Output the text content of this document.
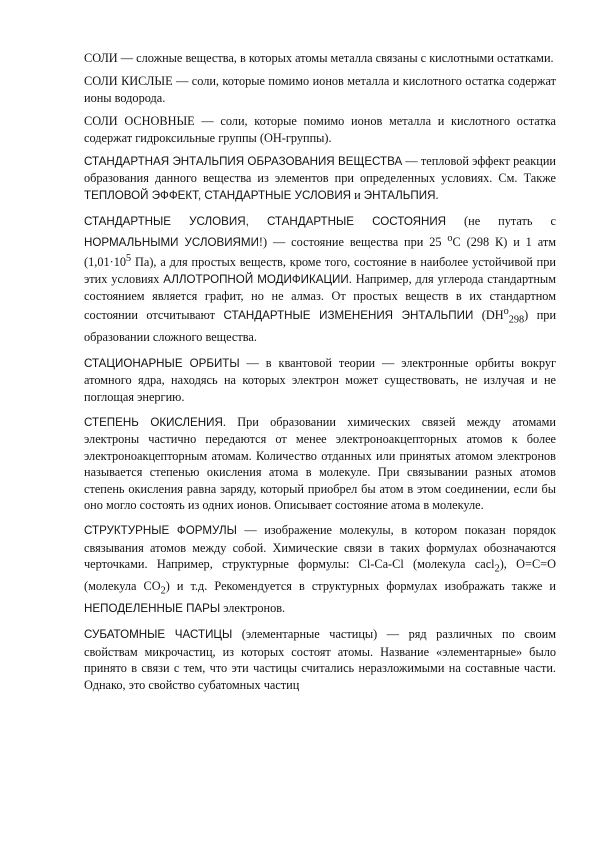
СОЛИ — сложные вещества, в которых атомы металла связаны с кислотными остатками.

СОЛИ КИСЛЫЕ — соли, которые помимо ионов металла и кислотного остатка содержат ионы водорода.

СОЛИ ОСНОВНЫЕ — соли, которые помимо ионов металла и кислотного остатка содержат гидроксильные группы (OH-группы).

СТАНДАРТНАЯ ЭНТАЛЬПИЯ ОБРАЗОВАНИЯ ВЕЩЕСТВА — тепловой эффект реакции образования данного вещества из элементов при определенных условиях. См. Также ТЕПЛОВОЙ ЭФФЕКТ, СТАНДАРТНЫЕ УСЛОВИЯ и ЭНТАЛЬПИЯ.

СТАНДАРТНЫЕ УСЛОВИЯ, СТАНДАРТНЫЕ СОСТОЯНИЯ (не путать с НОРМАЛЬНЫМИ УСЛОВИЯМИ!) — состояние вещества при 25 $^o$С (298 К) и 1 атм ($1,01\cdot 10^5$ Па), а для простых веществ, кроме того, состояние в наиболее устойчивой при этих условиях АЛЛОТРОПНОЙ МОДИФИКАЦИИ. Например, для углерода стандартным состоянием является графит, но не алмаз. От простых веществ в их стандартном состоянии отсчитывают СТАНДАРТНЫЕ ИЗМЕНЕНИЯ ЭНТАЛЬПИИ $(DH^o_{298})$ при образовании сложного вещества.

СТАЦИОНАРНЫЕ ОРБИТЫ — в квантовой теории — электронные орбиты вокруг атомного ядра, находясь на которых электрон может существовать, не излучая и не поглощая энергию.

СТЕПЕНЬ ОКИСЛЕНИЯ. При образовании химических связей между атомами электроны частично передаются от менее электроноакцепторных атомов к более электроноакцепторным атомам. Количество отданных или принятых атомом электронов называется степенью окисления атома в молекуле. При связывании разных атомов степень окисления равна заряду, который приобрел бы атом в этом соединении, если бы оно могло состоять из одних ионов. Описывает состояние атома в молекуле.

СТРУКТУРНЫЕ ФОРМУЛЫ — изображение молекулы, в котором показан порядок связывания атомов между собой. Химические связи в таких формулах обозначаются черточками. Например, структурные формулы: Cl-Ca-Cl (молекула cacl$_2$), O=C=O (молекула $CO_2$) и т.д. Рекомендуется в структурных формулах изображать также и НЕПОДЕЛЕННЫЕ ПАРЫ электронов.

СУБАТОМНЫЕ ЧАСТИЦЫ (элементарные частицы) — ряд различных по своим свойствам микрочастиц, из которых состоят атомы. Название «элементарные» было принято в связи с тем, что эти частицы считались неразложимыми на составные части. Однако, это свойство субатомных частиц
